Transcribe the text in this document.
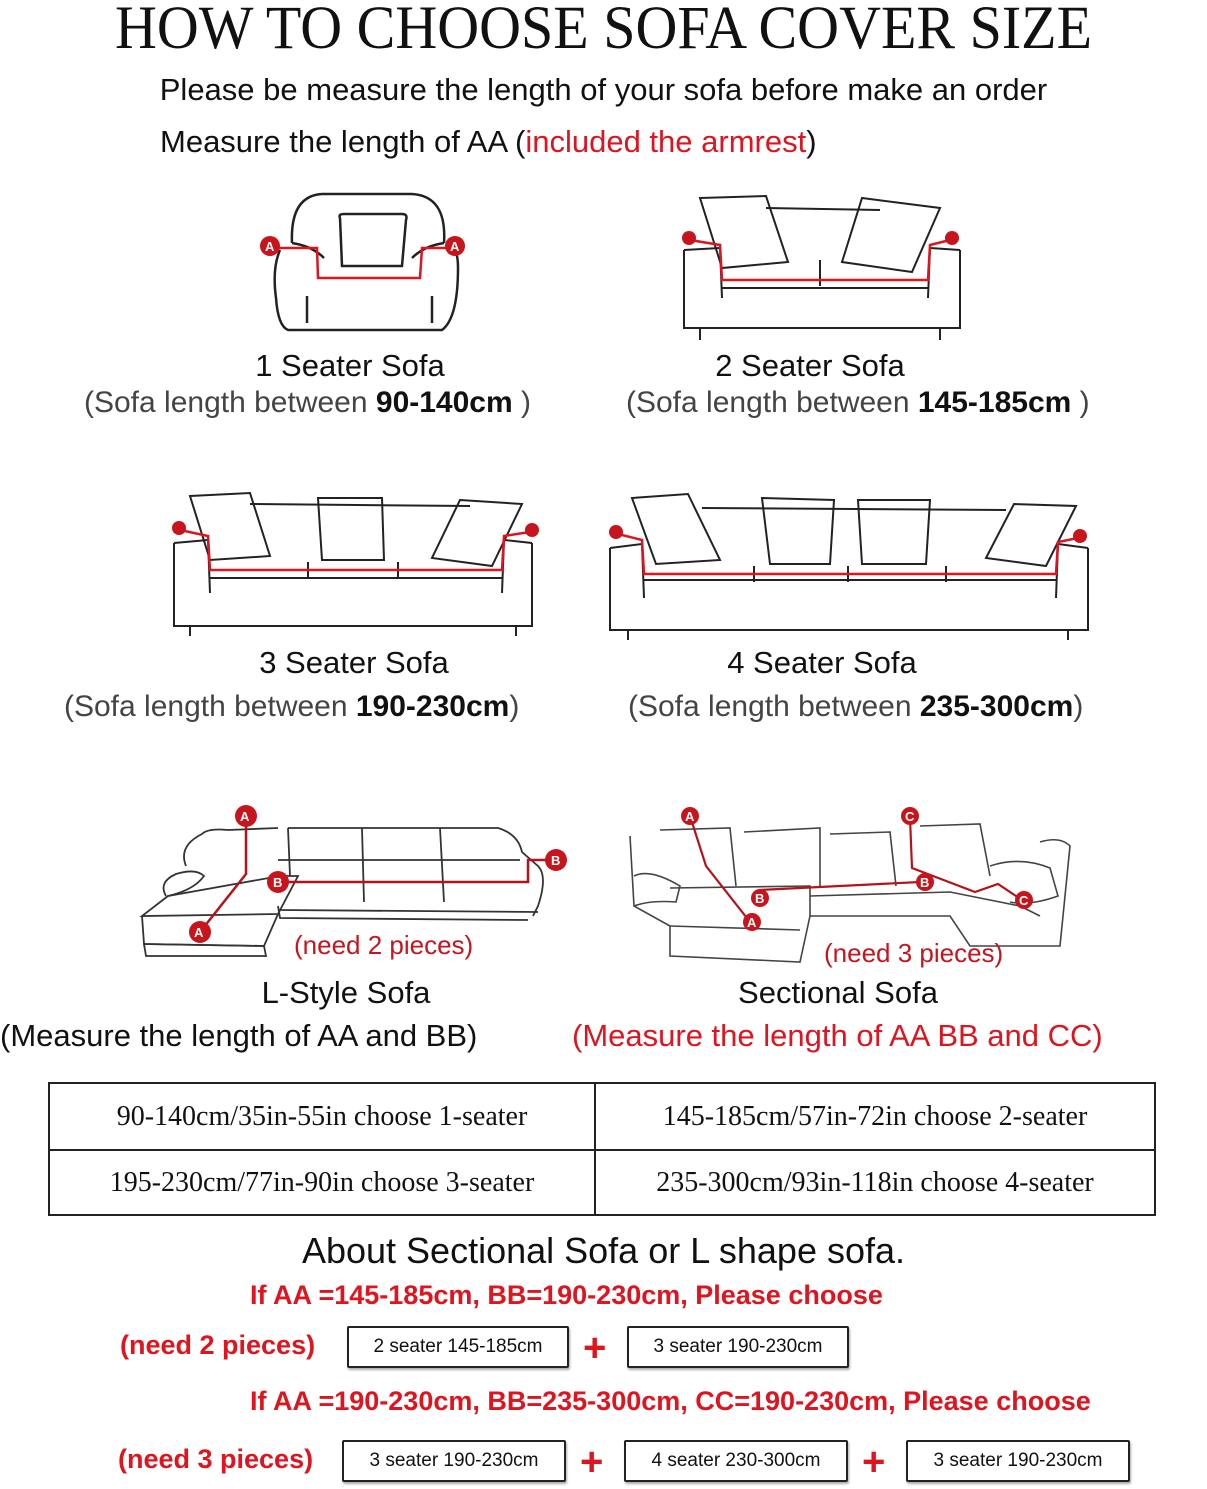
HOW TO CHOOSE SOFA COVER SIZE
Please be measure the length of your sofa before make an order
Measure the length of AA (included the armrest)
A	A
1 Seater Sofa
(Sofa length between 90-140cm )
2 Seater Sofa
(Sofa length between 145-185cm )
3 Seater Sofa
(Sofa length between 190-230cm)
4 Seater Sofa
(Sofa length between 235-300cm)
A
A
B
B
(need 2 pieces)
A
A
B
B
C
C
(need 3 pieces)
L-Style Sofa	Sectional Sofa
(Measure the length of AA and BB)	(Measure the length of AA BB and CC)
90-140cm/35in-55in choose 1-seater	145-185cm/57in-72in choose 2-seater
195-230cm/77in-90in choose 3-seater	235-300cm/93in-118in choose 4-seater
About Sectional Sofa or L shape sofa.
If AA =145-185cm, BB=190-230cm, Please choose
(need 2 pieces)	2 seater 145-185cm	+	3 seater 190-230cm
If AA =190-230cm, BB=235-300cm, CC=190-230cm, Please choose
(need 3 pieces)	3 seater 190-230cm	+	4 seater 230-300cm	+	3 seater 190-230cm
